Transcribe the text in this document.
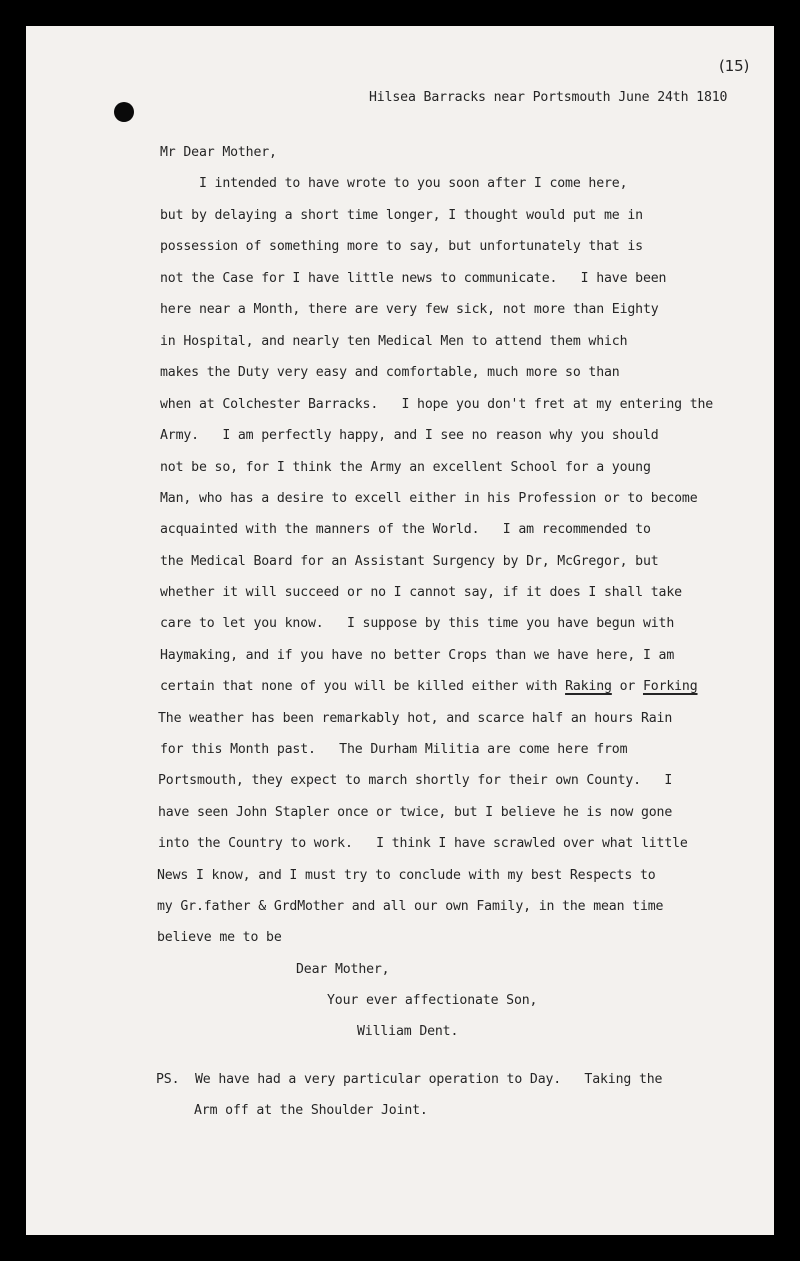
(15)
Hilsea Barracks near Portsmouth June 24th 1810
Mr Dear Mother,
I intended to have wrote to you soon after I come here,
but by delaying a short time longer, I thought would put me in
possession of something more to say, but unfortunately that is
not the Case for I have little news to communicate.   I have been
here near a Month, there are very few sick, not more than Eighty
in Hospital, and nearly ten Medical Men to attend them which
makes the Duty very easy and comfortable, much more so than
when at Colchester Barracks.   I hope you don't fret at my entering the
Army.   I am perfectly happy, and I see no reason why you should
not be so, for I think the Army an excellent School for a young
Man, who has a desire to excell either in his Profession or to become
acquainted with the manners of the World.   I am recommended to
the Medical Board for an Assistant Surgency by Dr, McGregor, but
whether it will succeed or no I cannot say, if it does I shall take
care to let you know.   I suppose by this time you have begun with
Haymaking, and if you have no better Crops than we have here, I am
certain that none of you will be killed either with Raking or Forking
The weather has been remarkably hot, and scarce half an hours Rain
for this Month past.   The Durham Militia are come here from
Portsmouth, they expect to march shortly for their own County.   I
have seen John Stapler once or twice, but I believe he is now gone
into the Country to work.   I think I have scrawled over what little
News I know, and I must try to conclude with my best Respects to
my Gr.father & GrdMother and all our own Family, in the mean time
believe me to be
Dear Mother,
Your ever affectionate Son,
William Dent.
PS.  We have had a very particular operation to Day.   Taking the
Arm off at the Shoulder Joint.
